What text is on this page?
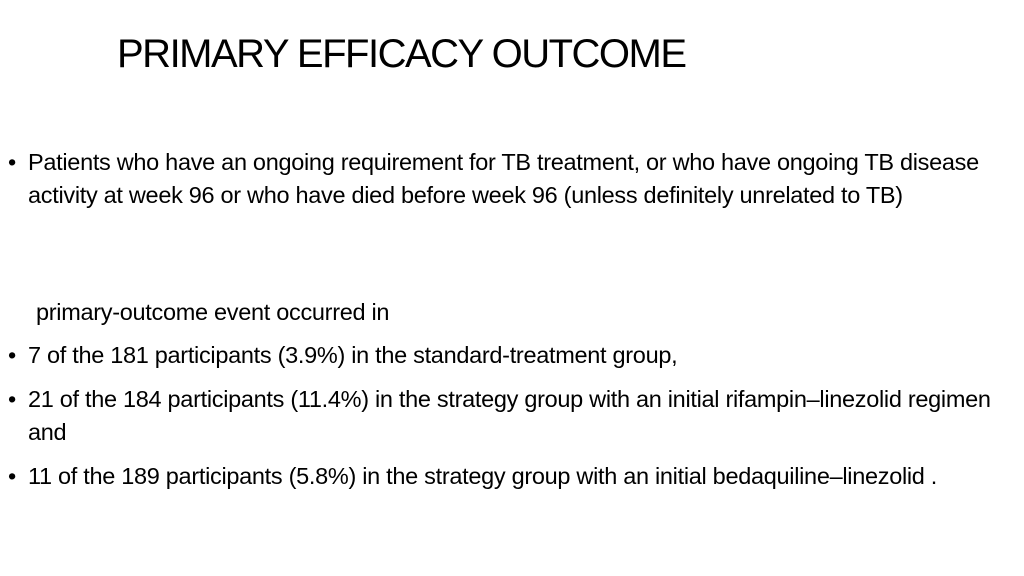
PRIMARY EFFICACY OUTCOME

• Patients who have an ongoing requirement for TB treatment, or who have ongoing TB disease activity at week 96 or who have died before week 96 (unless definitely unrelated to TB)

primary-outcome event occurred in

• 7 of the 181 participants (3.9%) in the standard-treatment group,

• 21 of the 184 participants (11.4%) in the strategy group with an initial rifampin–linezolid regimen and

• 11 of the 189 participants (5.8%) in the strategy group with an initial bedaquiline–linezolid .
